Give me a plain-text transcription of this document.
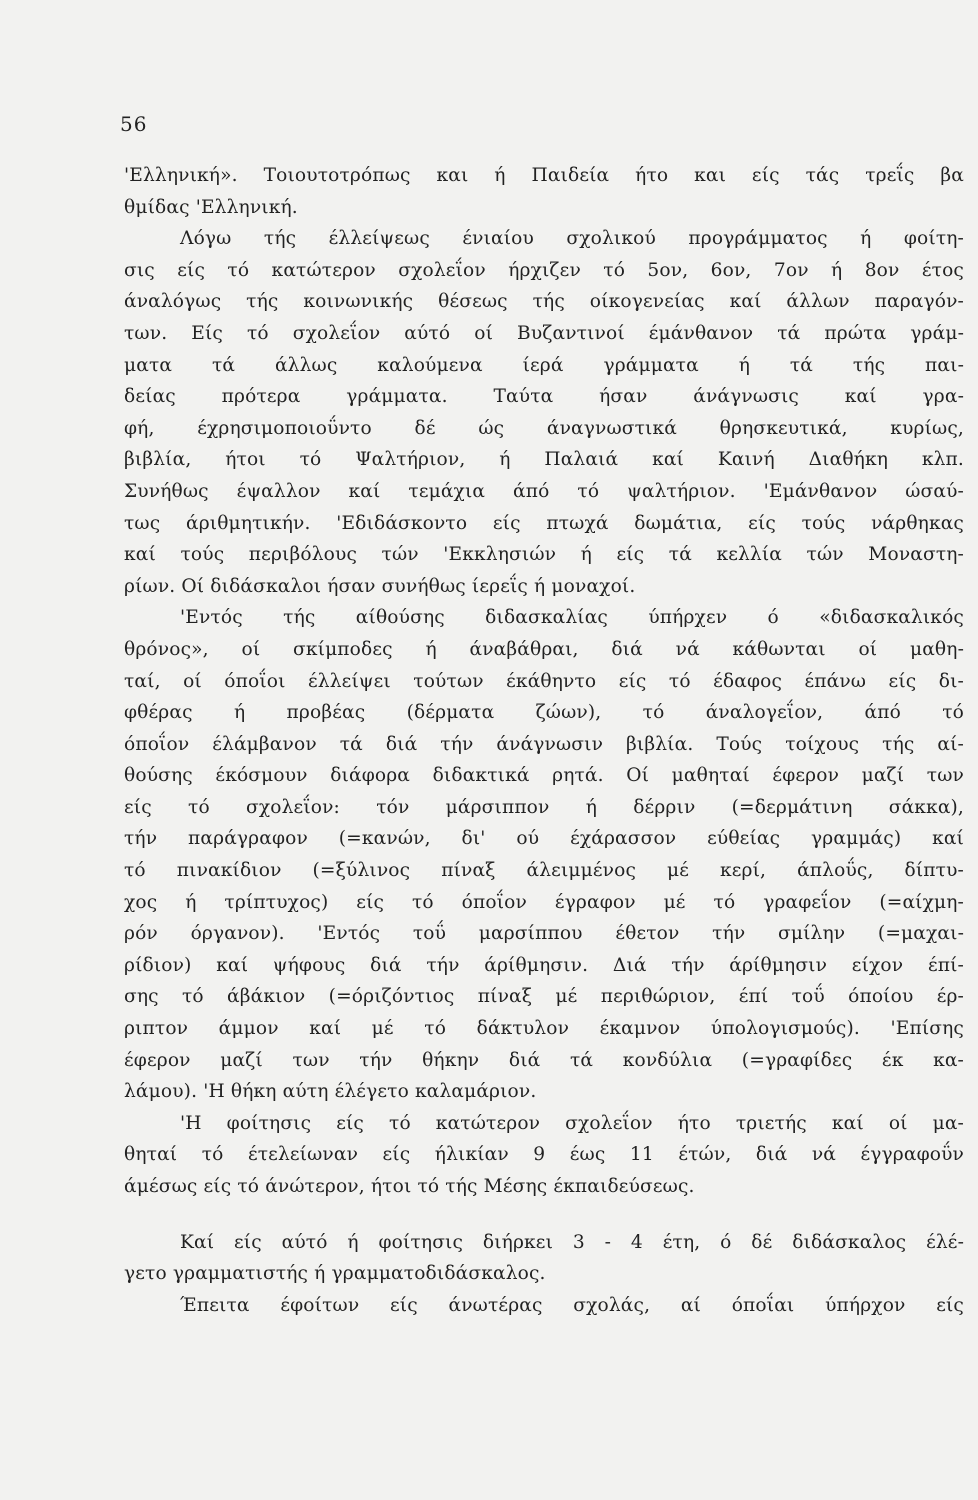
56
'Ελληνική». Τοιουτοτρόπως και ή Παιδεία ήτο και είς τάς τρεΐς βα
θμίδας 'Ελληνική.
Λόγω τής έλλείψεως ένιαίου σχολικού προγράμματος ή φοίτη-
σις είς τό κατώτερον σχολεΐον ήρχιζεν τό 5ον, 6ον, 7ον ή 8ον έτος
άναλόγως τής κοινωνικής θέσεως τής οίκογενείας καί άλλων παραγόν-
των. Είς τό σχολεΐον αύτό οί Βυζαντινοί έμάνθανον τά πρώτα γράμ-
ματα τά άλλως καλούμενα ίερά γράμματα ή τά τής παι-
δείας πρότερα γράμματα. Ταύτα ήσαν άνάγνωσις καί γρα-
φή, έχρησιμοποιοΰντο δέ ώς άναγνωστικά θρησκευτικά, κυρίως,
βιβλία, ήτοι τό Ψαλτήριον, ή Παλαιά καί Καινή Διαθήκη κλπ.
Συνήθως έψαλλον καί τεμάχια άπό τό ψαλτήριον. 'Εμάνθανον ώσαύ-
τως άριθμητικήν. 'Εδιδάσκοντο είς πτωχά δωμάτια, είς τούς νάρθηκας
καί τούς περιβόλους τών 'Εκκλησιών ή είς τά κελλία τών Μοναστη-
ρίων. Οί διδάσκαλοι ήσαν συνήθως ίερεΐς ή μοναχοί.
'Εντός τής αίθούσης διδασκαλίας ύπήρχεν ό «διδασκαλικός
θρόνος», οί σκίμποδες ή άναβάθραι, διά νά κάθωνται οί μαθη-
ταί, οί όποΐοι έλλείψει τούτων έκάθηντο είς τό έδαφος έπάνω είς δι-
φθέρας ή προβέας (δέρματα ζώων), τό άναλογεΐον, άπό τό
όποΐον έλάμβανον τά διά τήν άνάγνωσιν βιβλία. Τούς τοίχους τής αί-
θούσης έκόσμουν διάφορα διδακτικά ρητά. Οί μαθηταί έφερον μαζί των
είς τό σχολεΐον: τόν μάρσιππον ή δέρριν (=δερμάτινη σάκκα),
τήν παράγραφον (=κανών, δι' ού έχάρασσον εύθείας γραμμάς) καί
τό πινακίδιον (=ξύλινος πίναξ άλειμμένος μέ κερί, άπλοΰς, δίπτυ-
χος ή τρίπτυχος) είς τό όποΐον έγραφον μέ τό γραφεΐον (=αίχμη-
ρόν όργανον). 'Εντός τοΰ μαρσίππου έθετον τήν σμίλην (=μαχαι-
ρίδιον) καί ψήφους διά τήν άρίθμησιν. Διά τήν άρίθμησιν είχον έπί-
σης τό άβάκιον (=όριζόντιος πίναξ μέ περιθώριον, έπί τοΰ όποίου έρ-
ριπτον άμμον καί μέ τό δάκτυλον έκαμνον ύπολογισμούς). 'Επίσης
έφερον μαζί των τήν θήκην διά τά κονδύλια (=γραφίδες έκ κα-
λάμου). 'Η θήκη αύτη έλέγετο καλαμάριον.
'Η φοίτησις είς τό κατώτερον σχολεΐον ήτο τριετής καί οί μα-
θηταί τό έτελείωναν είς ήλικίαν 9 έως 11 έτών, διά νά έγγραφοΰν
άμέσως είς τό άνώτερον, ήτοι τό τής Μέσης έκπαιδεύσεως.
Καί είς αύτό ή φοίτησις διήρκει 3 - 4 έτη, ό δέ διδάσκαλος έλέ-
γετο γραμματιστής ή γραμματοδιδάσκαλος.
Έπειτα έφοίτων είς άνωτέρας σχολάς, αί όποΐαι ύπήρχον είς
